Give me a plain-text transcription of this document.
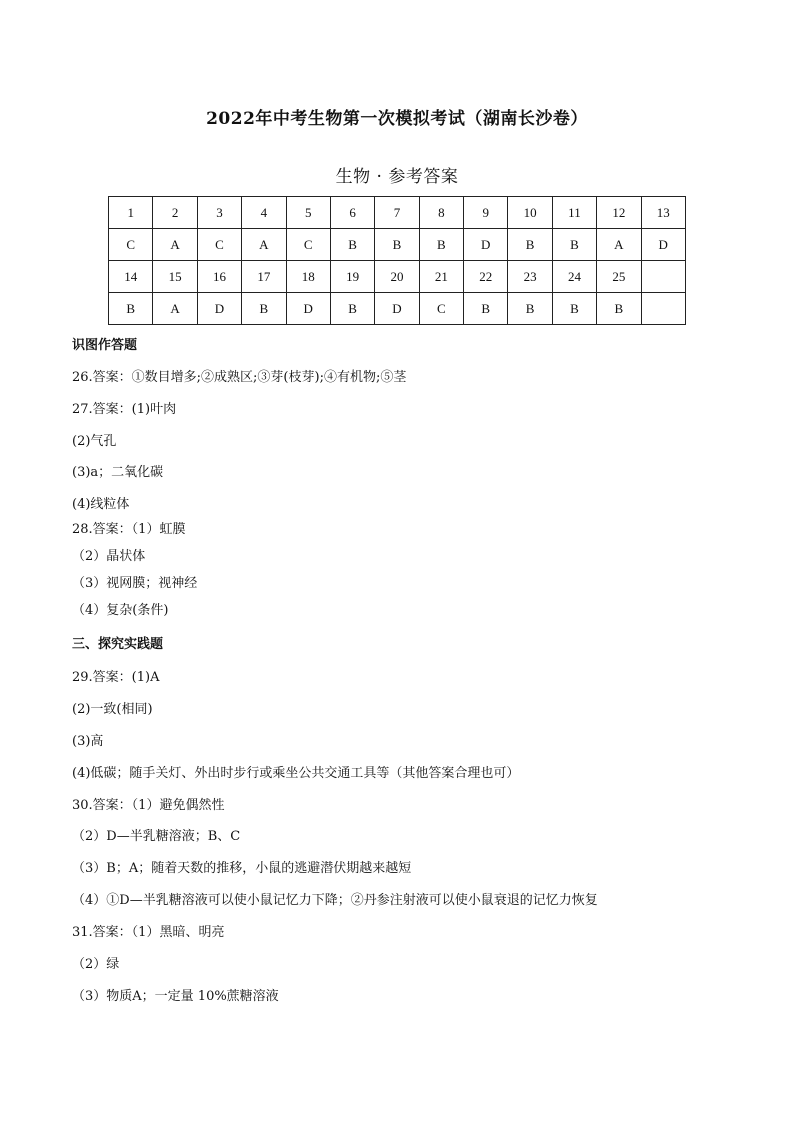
2022年中考生物第一次模拟考试（湖南长沙卷）
生物 · 参考答案
1	2	3	4	5	6	7	8	9	10	11	12	13
C	A	C	A	C	B	B	B	D	B	B	A	D
14	15	16	17	18	19	20	21	22	23	24	25	
B	A	D	B	D	B	D	C	B	B	B	B	
识图作答题
26.答案：①数目增多;②成熟区;③芽(枝芽);④有机物;⑤茎
27.答案：(1)叶肉
(2)气孔
(3)a；二氧化碳
(4)线粒体
28.答案：（1）虹膜
（2）晶状体
（3）视网膜；视神经
（4）复杂(条件)
三、探究实践题
29.答案：(1)A
(2)一致(相同)
(3)高
(4)低碳；随手关灯、外出时步行或乘坐公共交通工具等（其他答案合理也可）
30.答案：（1）避免偶然性
（2）D—半乳糖溶液；B、C
（3）B；A；随着天数的推移，小鼠的逃避潜伏期越来越短
（4）①D—半乳糖溶液可以使小鼠记忆力下降；②丹参注射液可以使小鼠衰退的记忆力恢复
31.答案：（1）黑暗、明亮
（2）绿
（3）物质A；一定量 10%蔗糖溶液
